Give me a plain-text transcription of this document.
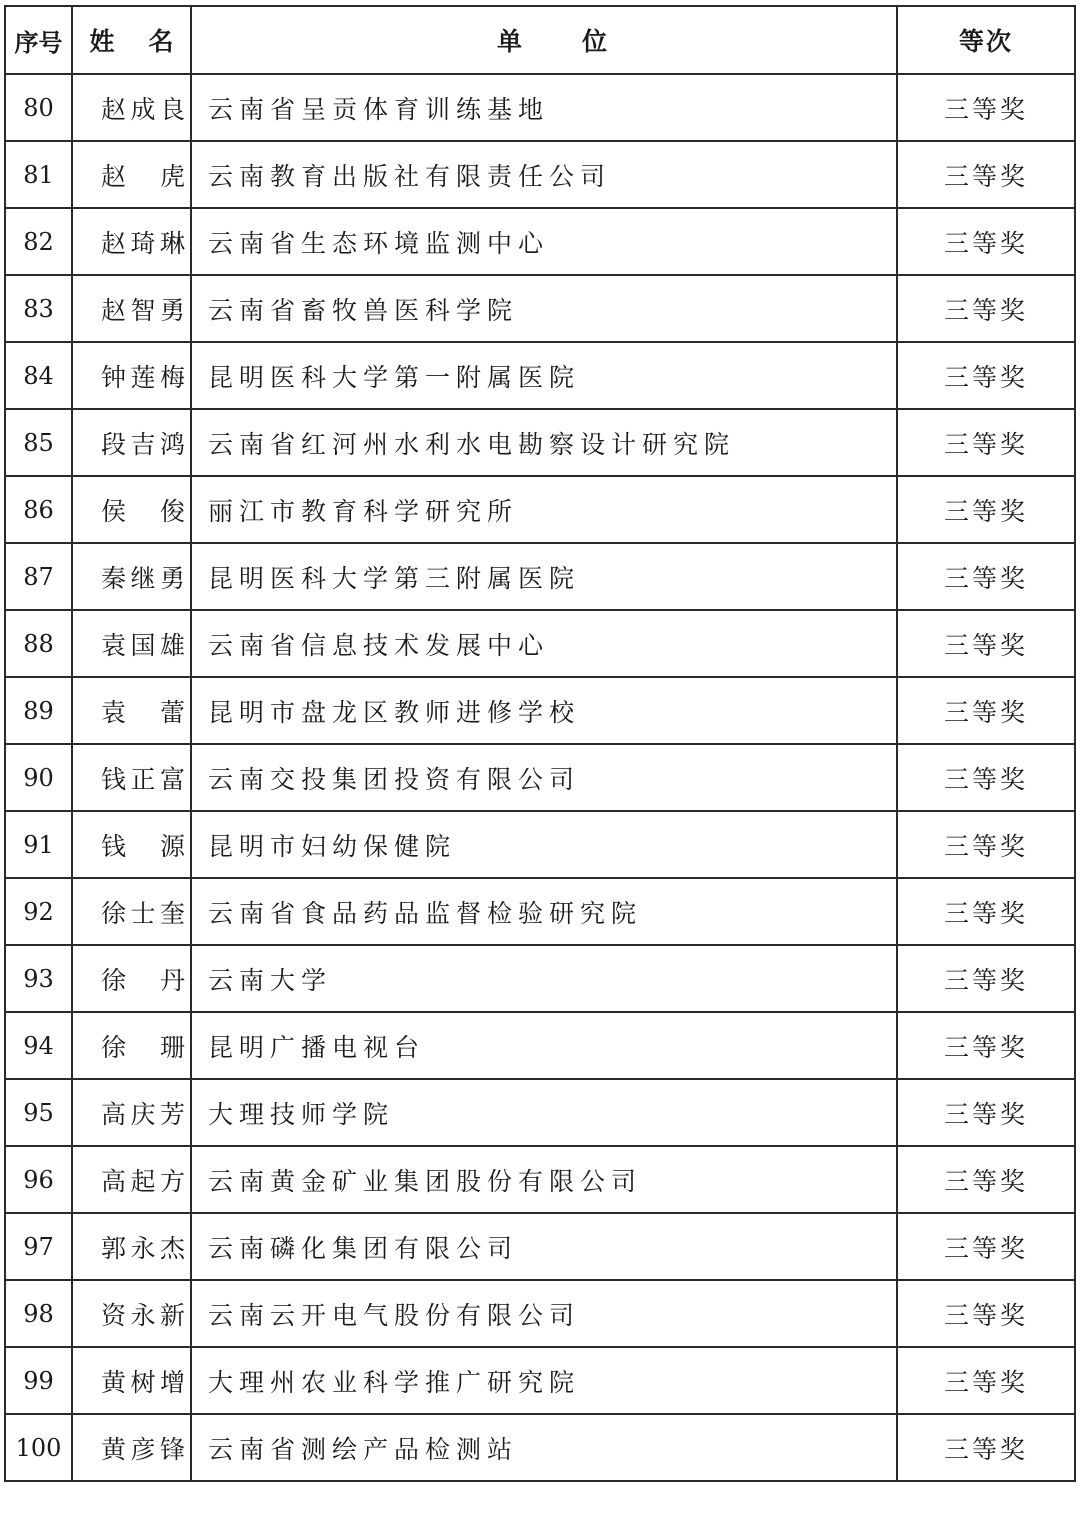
序号	姓 名	单 位	等次
80	赵成良	云南省呈贡体育训练基地	三等奖
81	赵 虎	云南教育出版社有限责任公司	三等奖
82	赵琦琳	云南省生态环境监测中心	三等奖
83	赵智勇	云南省畜牧兽医科学院	三等奖
84	钟莲梅	昆明医科大学第一附属医院	三等奖
85	段吉鸿	云南省红河州水利水电勘察设计研究院	三等奖
86	侯 俊	丽江市教育科学研究所	三等奖
87	秦继勇	昆明医科大学第三附属医院	三等奖
88	袁国雄	云南省信息技术发展中心	三等奖
89	袁 蕾	昆明市盘龙区教师进修学校	三等奖
90	钱正富	云南交投集团投资有限公司	三等奖
91	钱 源	昆明市妇幼保健院	三等奖
92	徐士奎	云南省食品药品监督检验研究院	三等奖
93	徐 丹	云南大学	三等奖
94	徐 珊	昆明广播电视台	三等奖
95	高庆芳	大理技师学院	三等奖
96	高起方	云南黄金矿业集团股份有限公司	三等奖
97	郭永杰	云南磷化集团有限公司	三等奖
98	资永新	云南云开电气股份有限公司	三等奖
99	黄树增	大理州农业科学推广研究院	三等奖
100	黄彦锋	云南省测绘产品检测站	三等奖
